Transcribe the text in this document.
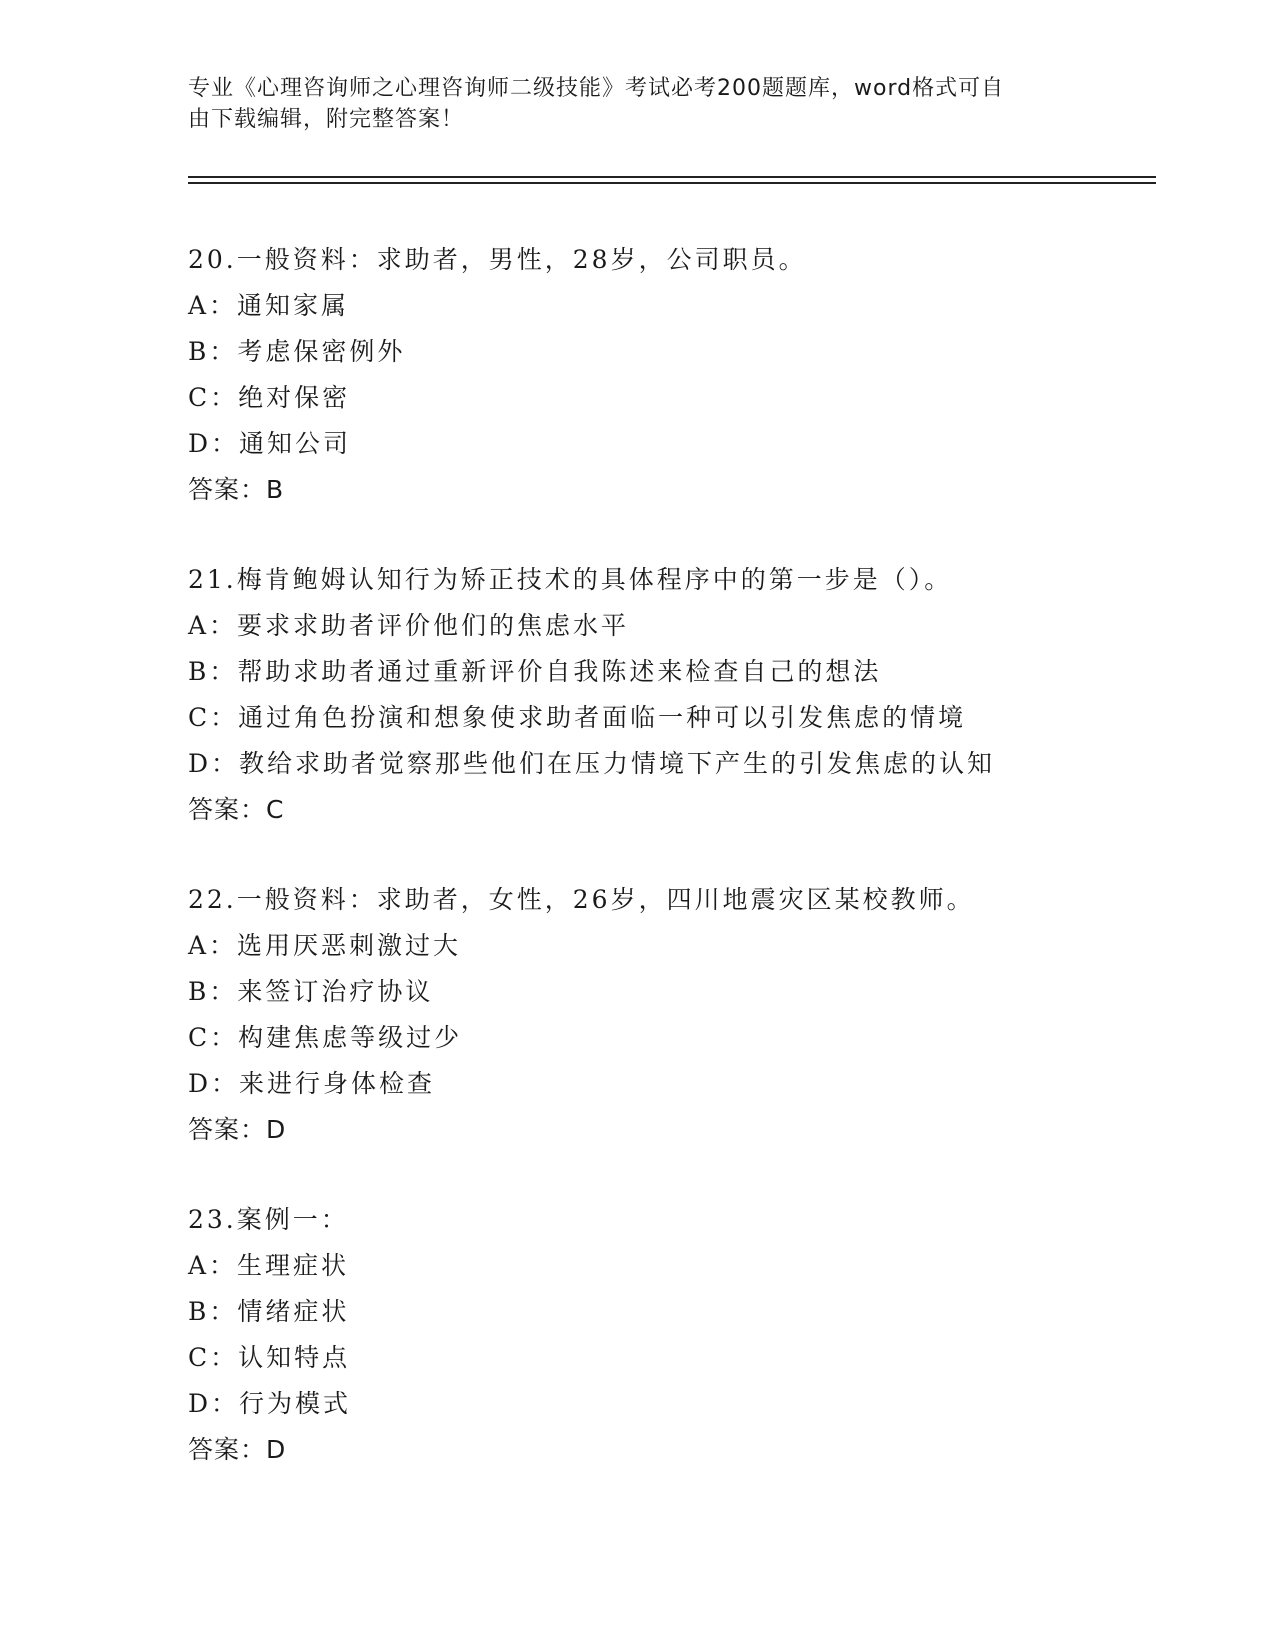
专业《心理咨询师之心理咨询师二级技能》考试必考200题题库，word格式可自
由下载编辑，附完整答案！
20.一般资料：求助者，男性，28岁，公司职员。
A：通知家属
B：考虑保密例外
C：绝对保密
D：通知公司
答案：B
21.梅肯鲍姆认知行为矫正技术的具体程序中的第一步是（）。
A：要求求助者评价他们的焦虑水平
B：帮助求助者通过重新评价自我陈述来检查自己的想法
C：通过角色扮演和想象使求助者面临一种可以引发焦虑的情境
D：教给求助者觉察那些他们在压力情境下产生的引发焦虑的认知
答案：C
22.一般资料：求助者，女性，26岁，四川地震灾区某校教师。
A：选用厌恶刺激过大
B：来签订治疗协议
C：构建焦虑等级过少
D：来进行身体检查
答案：D
23.案例一：
A：生理症状
B：情绪症状
C：认知特点
D：行为模式
答案：D
